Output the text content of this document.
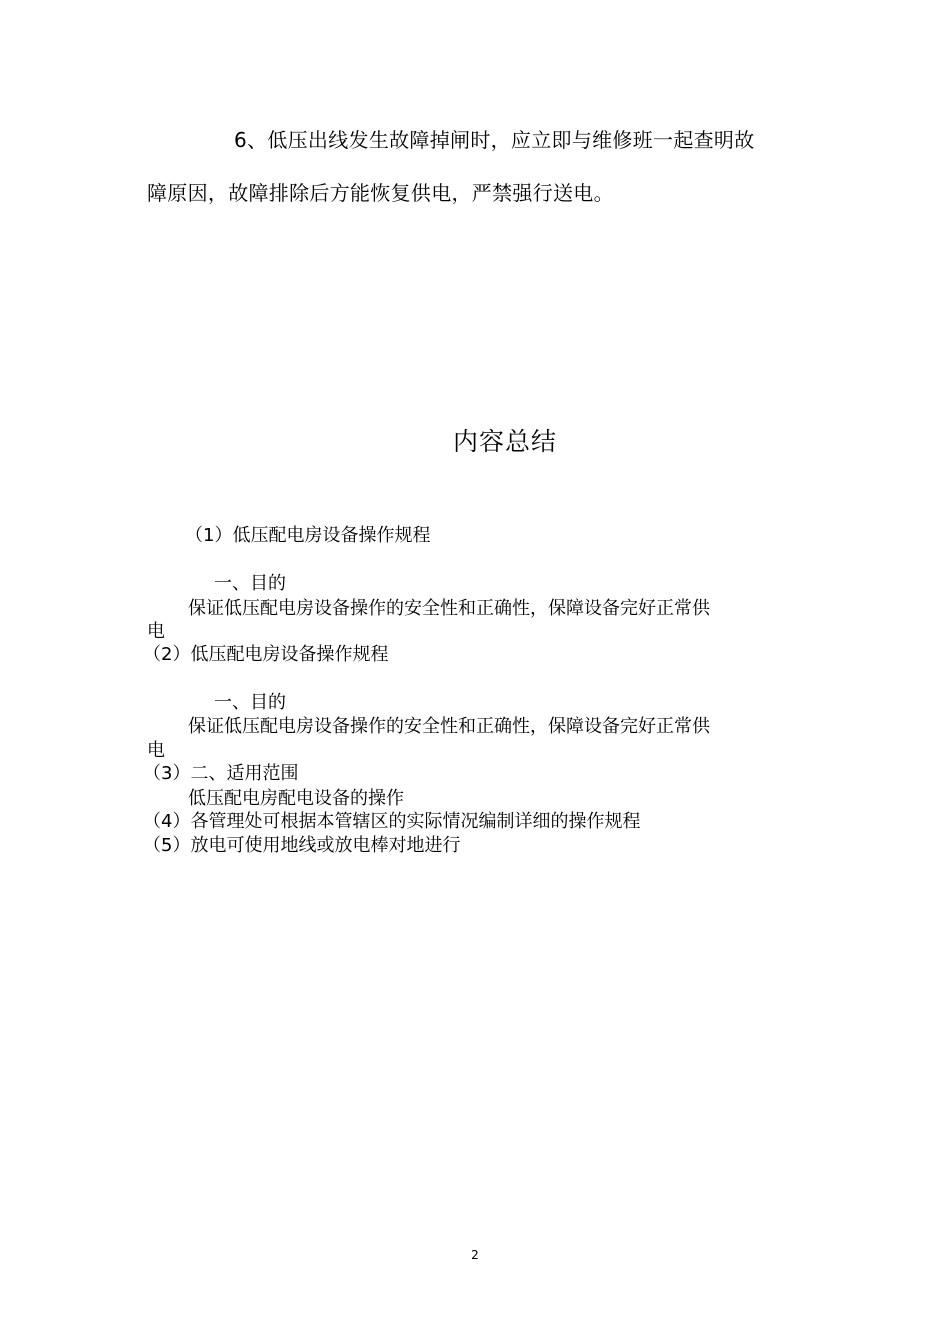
6、低压出线发生故障掉闸时，应立即与维修班一起查明故
障原因，故障排除后方能恢复供电，严禁强行送电。
内容总结
（1）低压配电房设备操作规程
一、目的
保证低压配电房设备操作的安全性和正确性，保障设备完好正常供
电
（2）低压配电房设备操作规程
一、目的
保证低压配电房设备操作的安全性和正确性，保障设备完好正常供
电
（3）二、适用范围
低压配电房配电设备的操作
（4）各管理处可根据本管辖区的实际情况编制详细的操作规程
（5）放电可使用地线或放电棒对地进行
2
